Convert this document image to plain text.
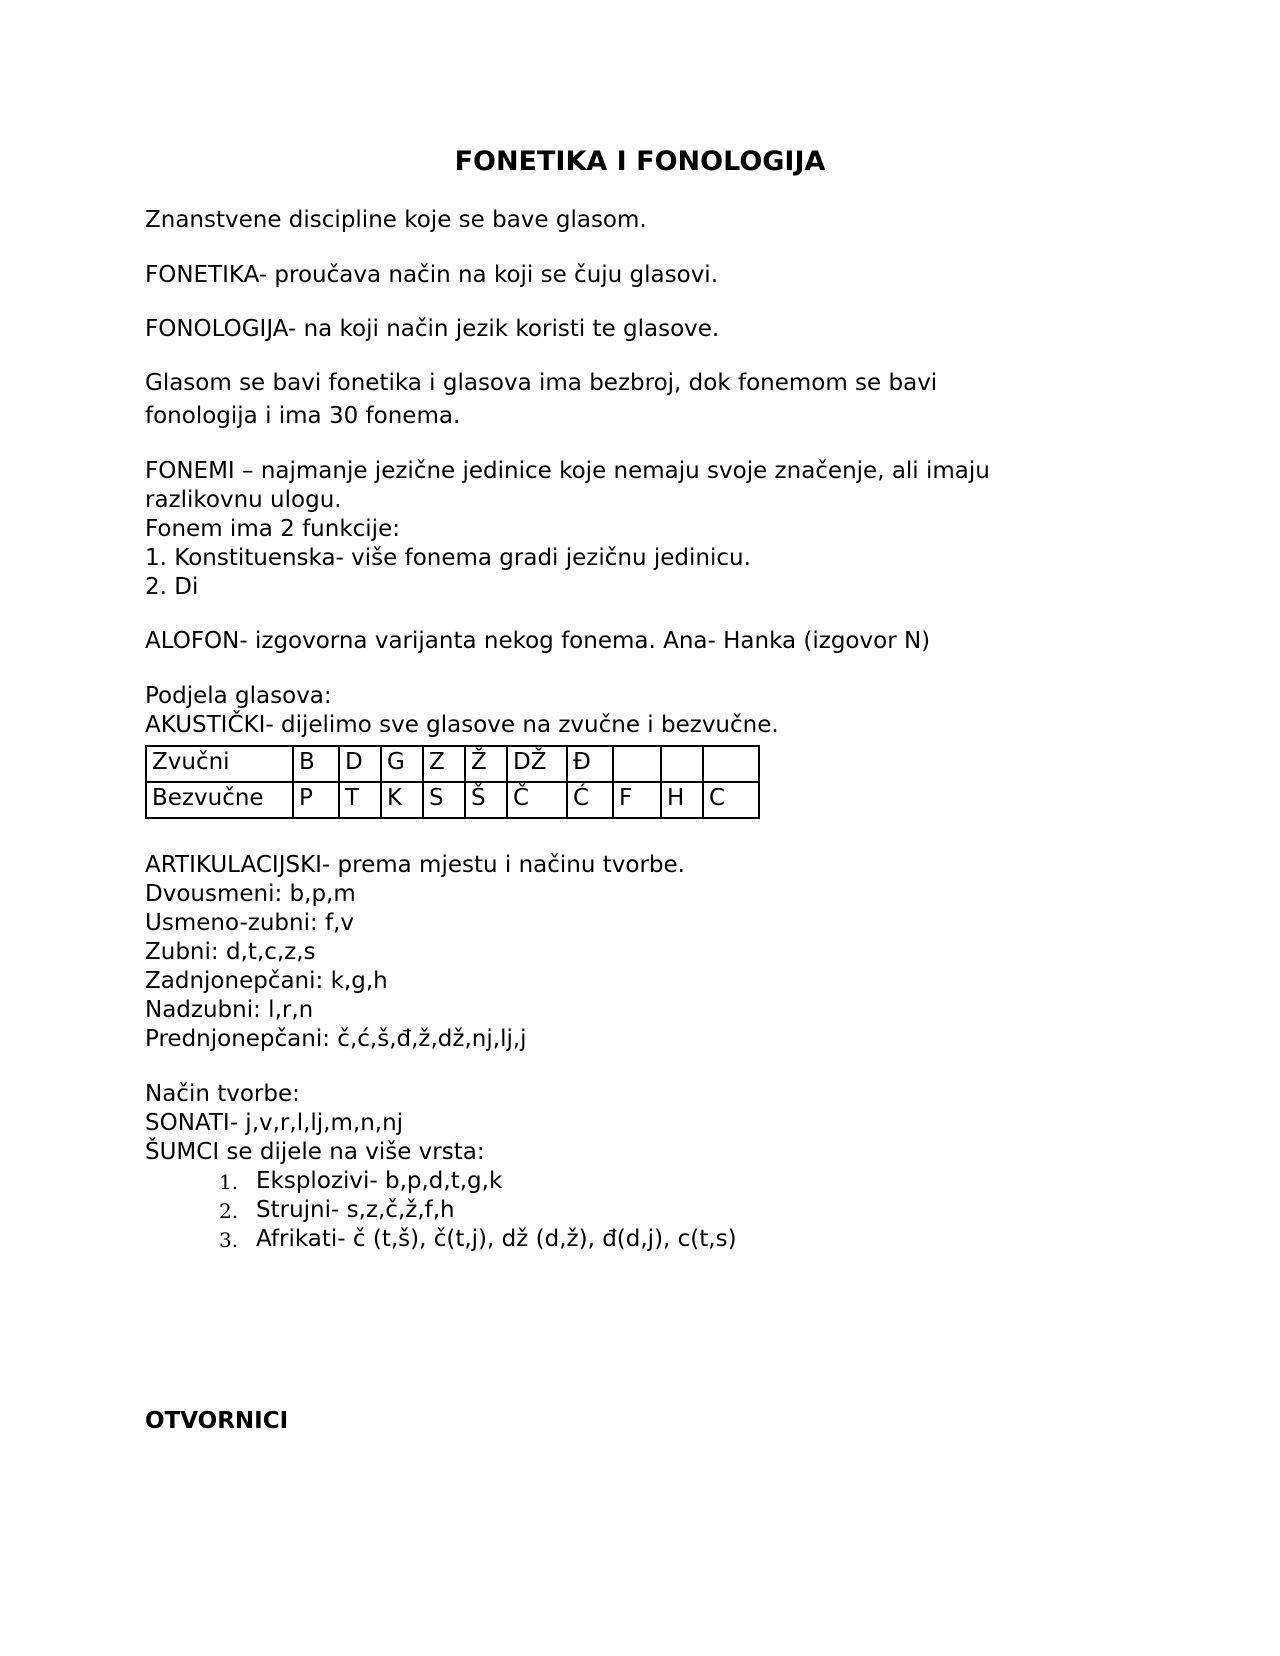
FONETIKA I FONOLOGIJA
Znanstvene discipline koje se bave glasom.
FONETIKA- proučava način na koji se čuju glasovi.
FONOLOGIJA- na koji način jezik koristi te glasove.
Glasom se bavi fonetika i glasova ima bezbroj, dok fonemom se bavi
fonologija i ima 30 fonema.
FONEMI – najmanje jezične jedinice koje nemaju svoje značenje, ali imaju
razlikovnu ulogu.
Fonem ima 2 funkcije:
1. Konstituenska- više fonema gradi jezičnu jedinicu.
2. Di
ALOFON- izgovorna varijanta nekog fonema. Ana- Hanka (izgovor N)
Podjela glasova:
AKUSTIČKI- dijelimo sve glasove na zvučne i bezvučne.
Zvučni	B	D	G	Z	Ž	DŽ	Đ			
Bezvučne	P	T	K	S	Š	Č	Ć	F	H	C
ARTIKULACIJSKI- prema mjestu i načinu tvorbe.
Dvousmeni: b,p,m
Usmeno-zubni: f,v
Zubni: d,t,c,z,s
Zadnjonepčani: k,g,h
Nadzubni: l,r,n
Prednjonepčani: č,ć,š,đ,ž,dž,nj,lj,j
Način tvorbe:
SONATI- j,v,r,l,lj,m,n,nj
ŠUMCI se dijele na više vrsta:
1. Eksplozivi- b,p,d,t,g,k
2. Strujni- s,z,č,ž,f,h
3. Afrikati- č (t,š), č(t,j), dž (d,ž), đ(d,j), c(t,s)
OTVORNICI
